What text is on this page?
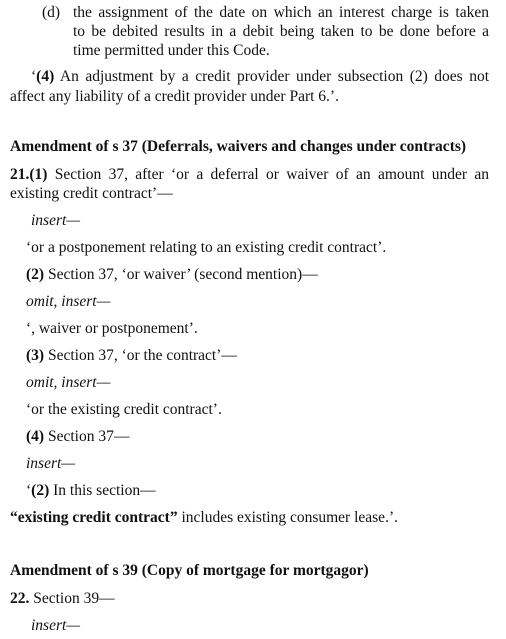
(d) the assignment of the date on which an interest charge is taken
to be debited results in a debit being taken to be done before a
time permitted under this Code.
‘(4) An adjustment by a credit provider under subsection (2) does not
affect any liability of a credit provider under Part 6.’.
Amendment of s 37 (Deferrals, waivers and changes under contracts)
21.(1) Section 37, after ‘or a deferral or waiver of an amount under an
existing credit contract’—
insert—
‘or a postponement relating to an existing credit contract’.
(2) Section 37, ‘or waiver’ (second mention)—
omit, insert—
‘, waiver or postponement’.
(3) Section 37, ‘or the contract’—
omit, insert—
‘or the existing credit contract’.
(4) Section 37—
insert—
‘(2) In this section—
“existing credit contract” includes existing consumer lease.’.
Amendment of s 39 (Copy of mortgage for mortgagor)
22. Section 39—
insert—
